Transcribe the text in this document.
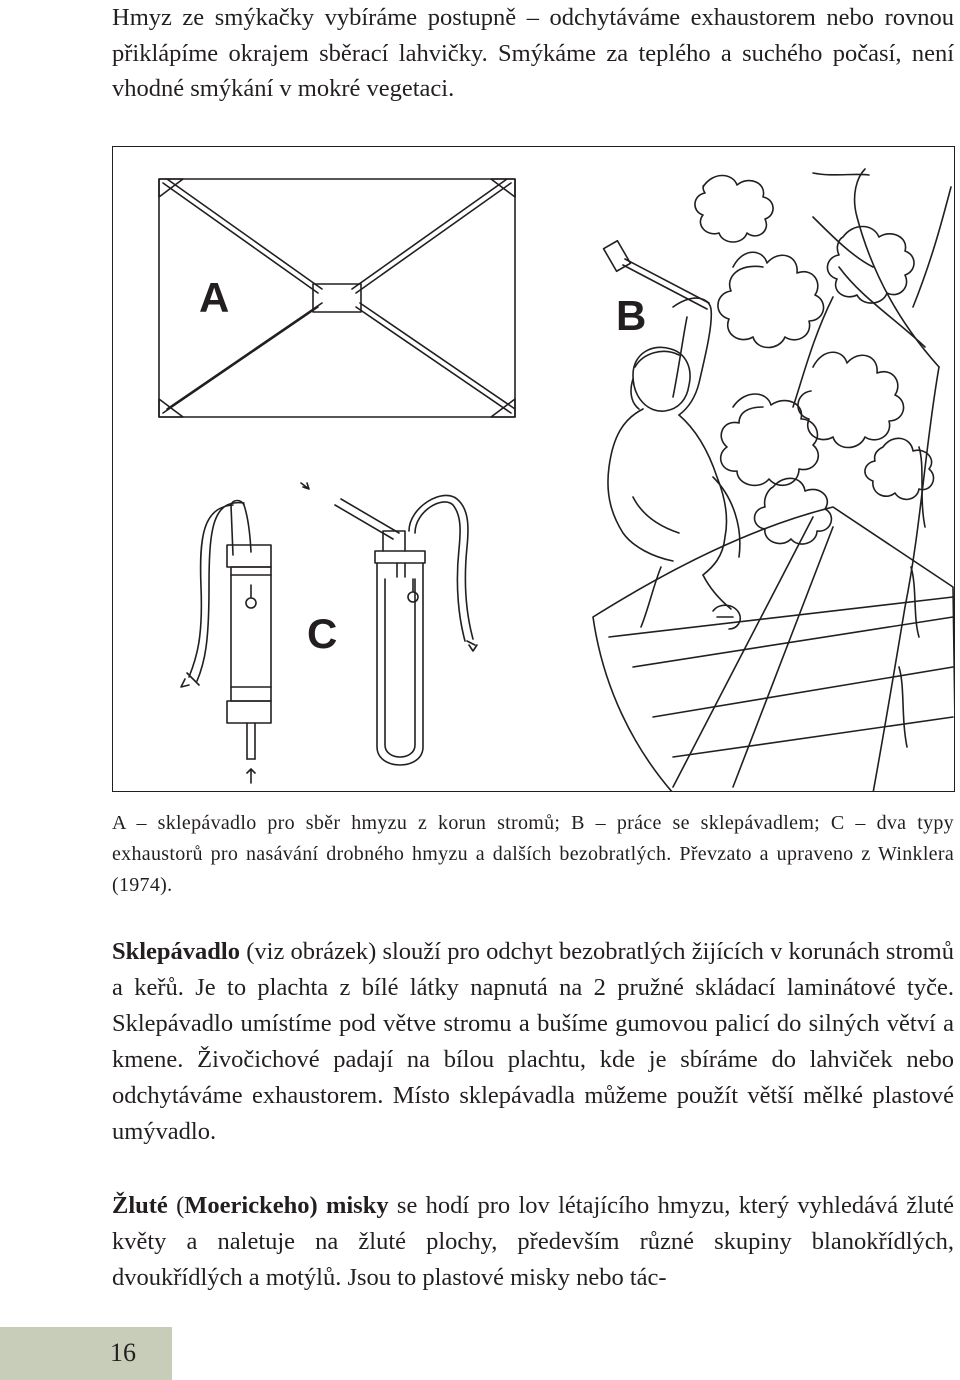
Hmyz ze smýkačky vybíráme postupně – odchytáváme exhaustorem nebo rovnou přiklápíme okrajem sběrací lahvičky. Smýkáme za teplého a suchého počasí, není vhodné smýkání v mokré vegetaci.

A	B
C

A – sklepávadlo pro sběr hmyzu z korun stromů; B – práce se sklepávadlem; C – dva typy exhaustorů pro nasávání drobného hmyzu a dalších bezobratlých. Převzato a upraveno z Winklera (1974).

Sklepávadlo (viz obrázek) slouží pro odchyt bezobratlých žijících v korunách stromů a keřů. Je to plachta z bílé látky napnutá na 2 pružné skládací laminátové tyče. Sklepávadlo umístíme pod větve stromu a bušíme gumovou palicí do silných větví a kmene. Živočichové padají na bílou plachtu, kde je sbíráme do lahviček nebo odchytáváme exhaustorem. Místo sklepávadla můžeme použít větší mělké plastové umývadlo.

Žluté (Moerickeho) misky se hodí pro lov létajícího hmyzu, který vyhledává žluté květy a naletuje na žluté plochy, především různé skupiny blanokřídlých, dvoukřídlých a motýlů. Jsou to plastové misky nebo tác-

16
